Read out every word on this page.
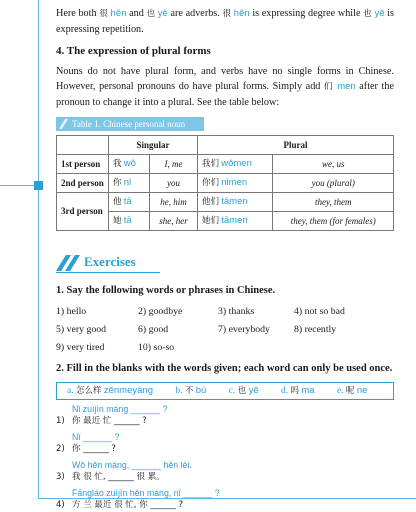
Here both 很 hěn and 也 yě are adverbs. 很 hěn is expressing degree while 也 yě is expressing repetition.

4. The expression of plural forms

Nouns do not have plural form, and verbs have no single forms in Chinese. However, personal pronouns do have plural forms. Simply add 们 men after the pronoun to change it into a plural. See the table below:

Table 1. Chinese personal noun
	Singular		Plural	
1st person	我 wǒ	I, me	我们 wǒmen	we, us
2nd person	你 nǐ	you	你们 nǐmen	you (plural)
3rd person	他 tā	he, him	他们 tāmen	they, them
	她 tā	she, her	她们 tāmen	they, them (for females)
Exercises
1. Say the following words or phrases in Chinese.
1) hello	2) goodbye	3) thanks	4) not so bad
5) very good	6) good	7) everybody	8) recently
9) very tired	10) so-so
2. Fill in the blanks with the words given; each word can only be used once.
a. 怎么样 zěnmeyàng b. 不 bù c. 也 yě d. 吗 ma e. 呢 ne
Nǐ zuìjìn máng ______ ?
1) 你 最近 忙 ______ ?
Nǐ ______ ?
2) 你 ______ ?
Wǒ hěn máng, ______ hěn lèi.
3) 我 很 忙, ______ 很 累。
Fāngláo zuìjìn hěn máng, nǐ ______ ?
4) 方 兰 最近 很 忙, 你 ______ ?
